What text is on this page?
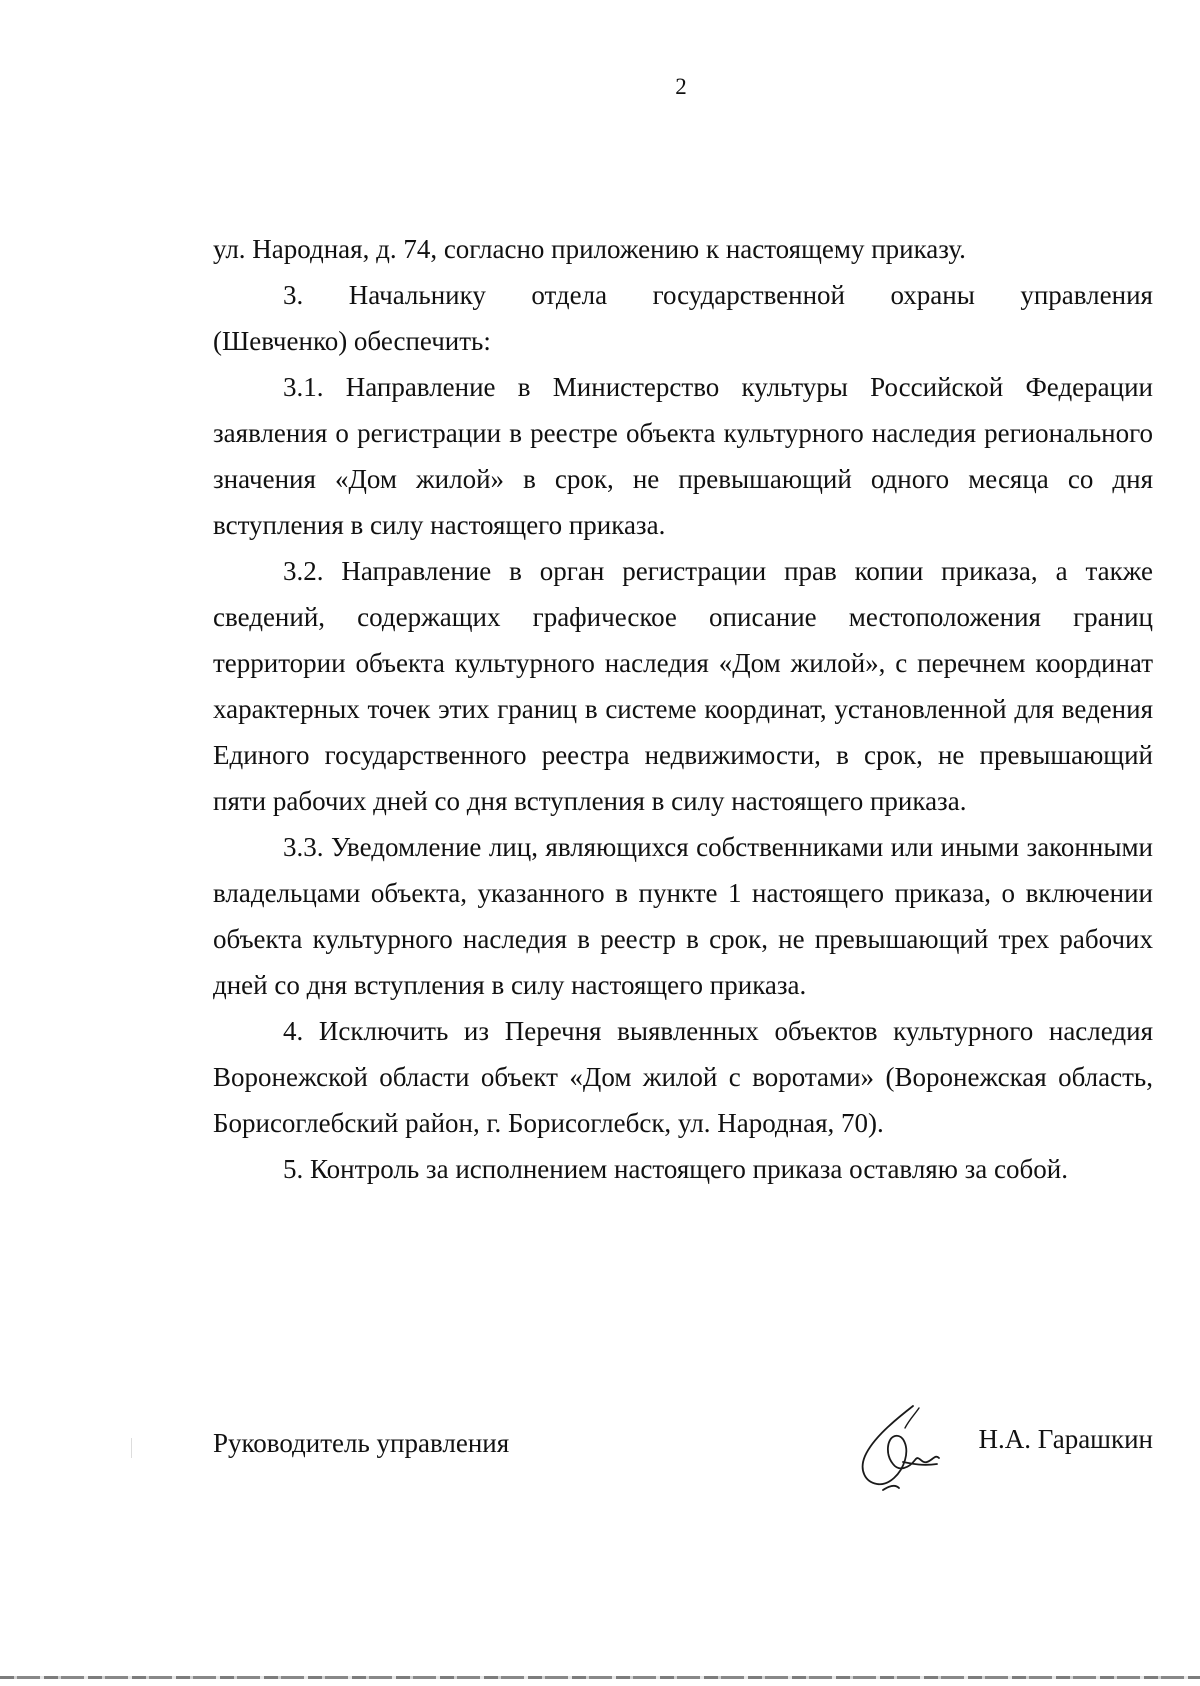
2

ул. Народная, д. 74, согласно приложению к настоящему приказу.

3. Начальнику отдела государственной охраны управления

(Шевченко) обеспечить:

3.1. Направление в Министерство культуры Российской Федерации заявления о регистрации в реестре объекта культурного наследия регионального значения «Дом жилой» в срок, не превышающий одного месяца со дня вступления в силу настоящего приказа.

3.2. Направление в орган регистрации прав копии приказа, а также сведений, содержащих графическое описание местоположения границ территории объекта культурного наследия «Дом жилой», с перечнем координат характерных точек этих границ в системе координат, установленной для ведения Единого государственного реестра недвижимости, в срок, не превышающий пяти рабочих дней со дня вступления в силу настоящего приказа.

3.3. Уведомление лиц, являющихся собственниками или иными законными владельцами объекта, указанного в пункте 1 настоящего приказа, о включении объекта культурного наследия в реестр в срок, не превышающий трех рабочих дней со дня вступления в силу настоящего приказа.

4. Исключить из Перечня выявленных объектов культурного наследия Воронежской области объект «Дом жилой с воротами» (Воронежская область, Борисоглебский район, г. Борисоглебск, ул. Народная, 70).

5. Контроль за исполнением настоящего приказа оставляю за собой.

Руководитель управления	Н.А. Гарашкин
